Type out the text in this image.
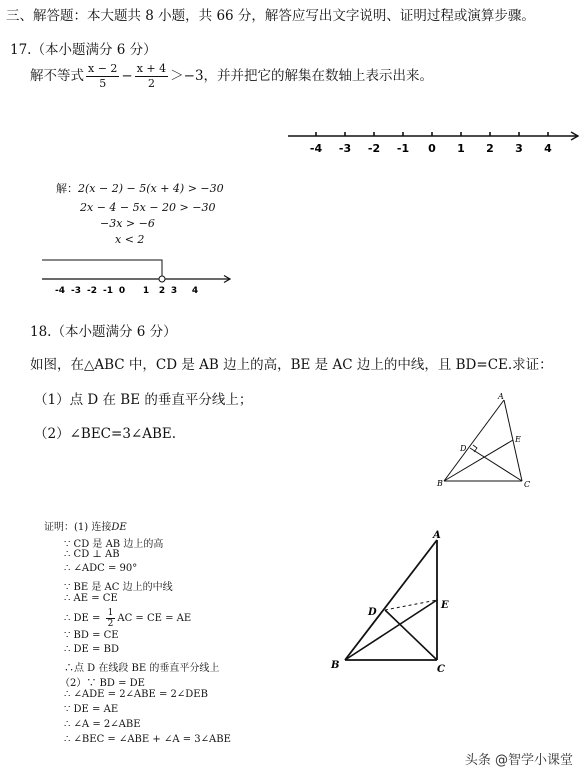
三、解答题：本大题共 8 小题，共 66 分，解答应写出文字说明、证明过程或演算步骤。
17.（本小题满分 6 分）
解不等式 $\frac{x - 2}{5} - \frac{x + 4}{2} >-3$，并并把它的解集在数轴上表示出来。
-4 -3 -2 -1 0 1 2 3 4
解：2(x − 2) − 5(x + 4) > −30
2x − 4 − 5x − 20 > −30
−3x > −6
x < 2
-4 -3 -2 -1 0 1 2 3 4
18.（本小题满分 6 分）
如图，在△ABC 中，CD 是 AB 边上的高，BE 是 AC 边上的中线，且 BD=CE.求证：
（1）点 D 在 BE 的垂直平分线上；
（2）∠BEC=3∠ABE.
A
B	C
D
E
证明：(1) 连接DE
∵ CD 是 AB 边上的高
∴ CD ⊥ AB
∴ ∠ADC = 90°
∵ BE 是 AC 边上的中线
∴ AE = CE
∴ DE = $\frac{1}{2}$ AC = CE = AE
∵ BD = CE
∴ DE = BD
∴点 D 在线段 BE 的垂直平分线上
（2）∵ BD = DE
∴ ∠ADE = 2∠ABE = 2∠DEB
∵ DE = AE
∴ ∠A = 2∠ABE
∴ ∠BEC = ∠ABE + ∠A = 3∠ABE
A
B	C
D
E
头条 @智学小课堂
